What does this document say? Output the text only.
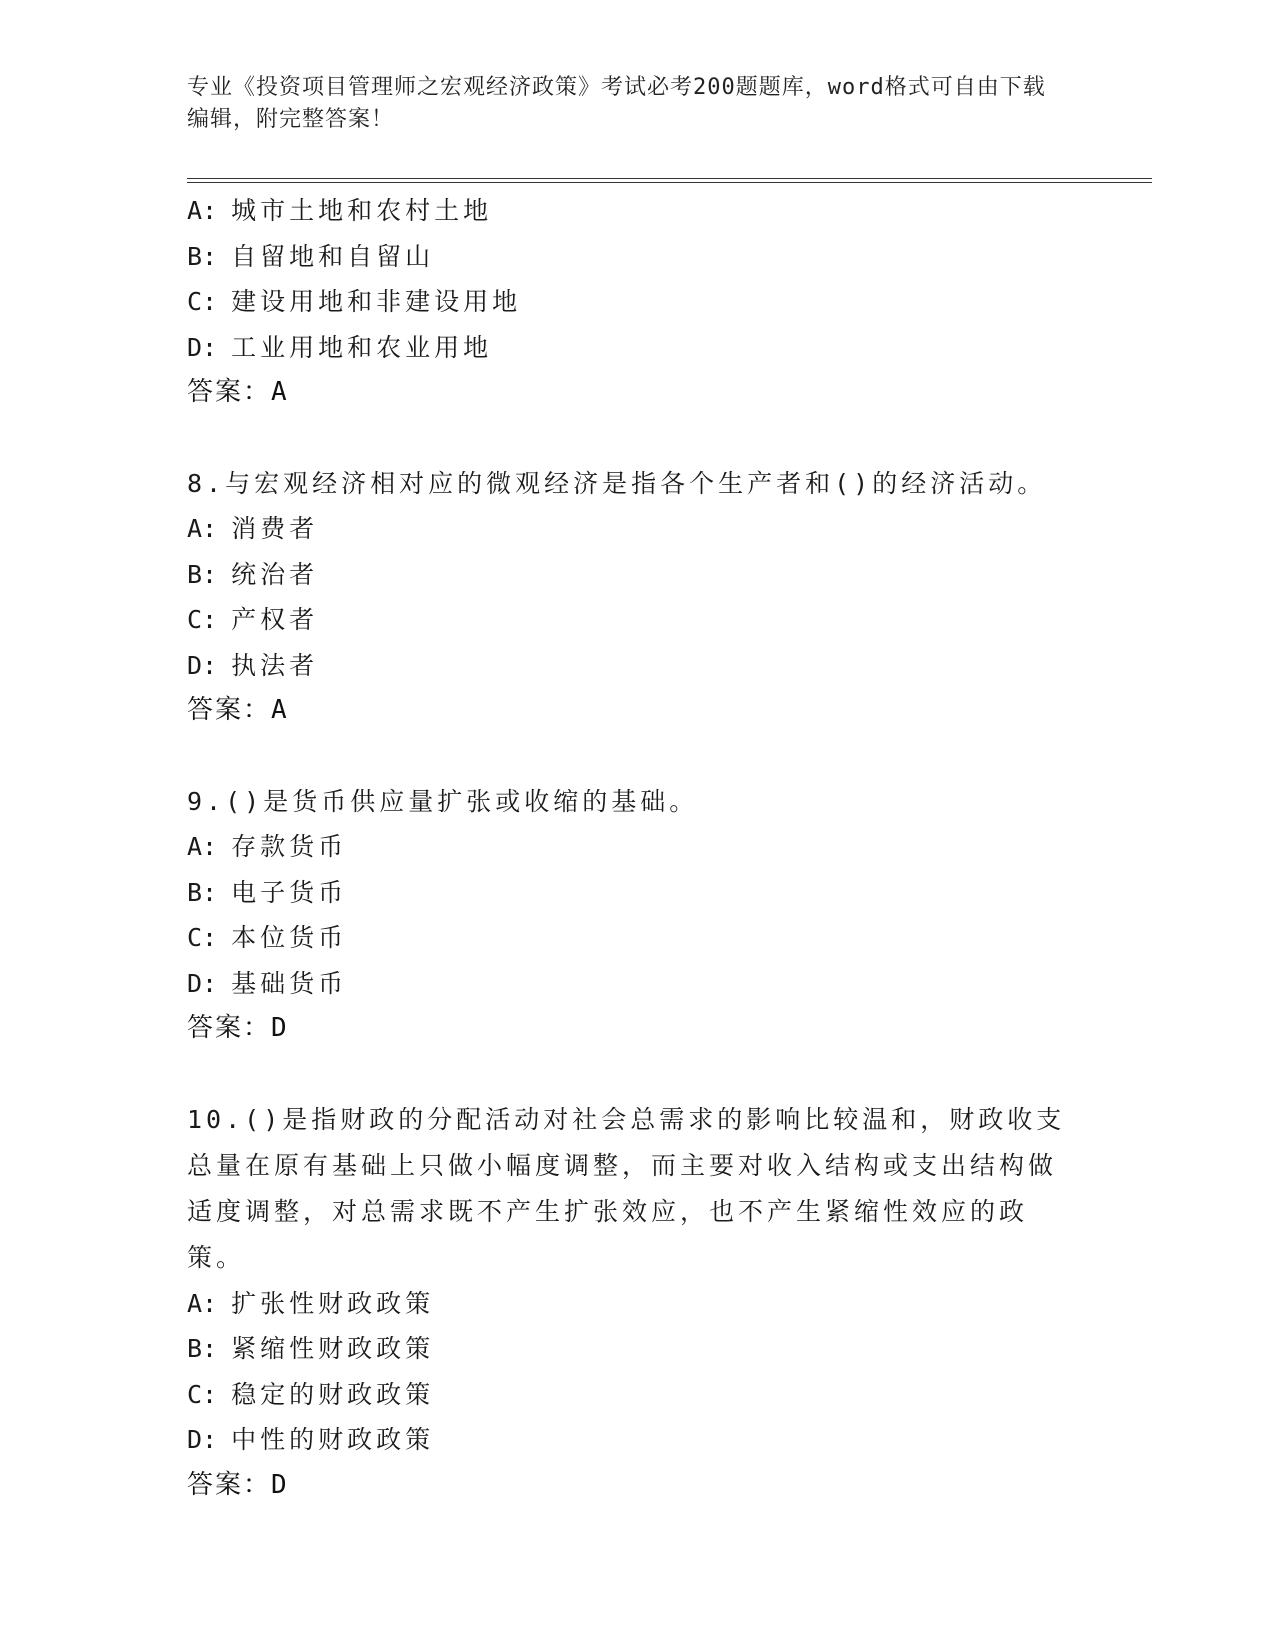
专业《投资项目管理师之宏观经济政策》考试必考200题题库，word格式可自由下载编辑，附完整答案！
A: 城市土地和农村土地
B: 自留地和自留山
C: 建设用地和非建设用地
D: 工业用地和农业用地
答案：A
8.与宏观经济相对应的微观经济是指各个生产者和()的经济活动。
A: 消费者
B: 统治者
C: 产权者
D: 执法者
答案：A
9.()是货币供应量扩张或收缩的基础。
A: 存款货币
B: 电子货币
C: 本位货币
D: 基础货币
答案：D
10.()是指财政的分配活动对社会总需求的影响比较温和，财政收支总量在原有基础上只做小幅度调整，而主要对收入结构或支出结构做适度调整，对总需求既不产生扩张效应，也不产生紧缩性效应的政策。
A: 扩张性财政政策
B: 紧缩性财政政策
C: 稳定的财政政策
D: 中性的财政政策
答案：D
